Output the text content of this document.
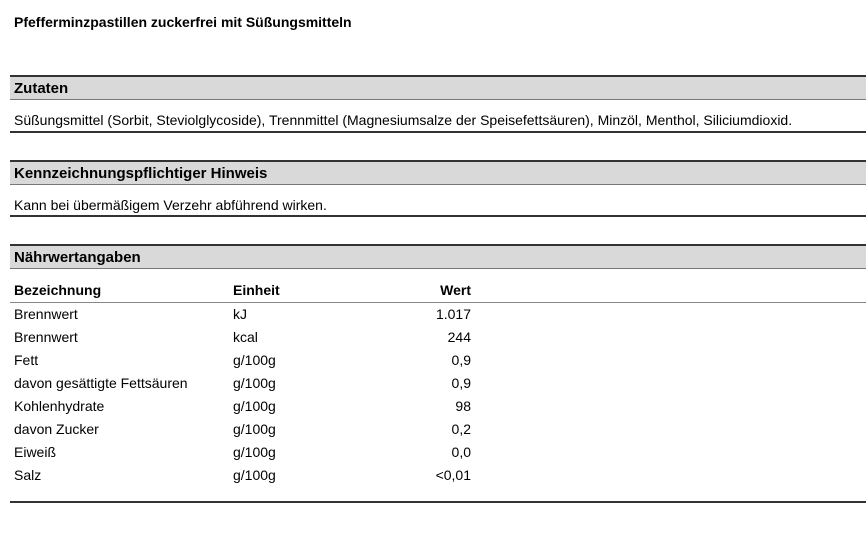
Pfefferminzpastillen zuckerfrei mit Süßungsmitteln
Zutaten
Süßungsmittel (Sorbit, Steviolglycoside), Trennmittel (Magnesiumsalze der Speisefettsäuren), Minzöl, Menthol, Siliciumdioxid.
Kennzeichnungspflichtiger Hinweis
Kann bei übermäßigem Verzehr abführend wirken.
Nährwertangaben
Bezeichnung	Einheit	Wert	
Brennwert	kJ	1.017	
Brennwert	kcal	244	
Fett	g/100g	0,9	
davon gesättigte Fettsäuren	g/100g	0,9	
Kohlenhydrate	g/100g	98	
davon Zucker	g/100g	0,2	
Eiweiß	g/100g	0,0	
Salz	g/100g	<0,01	
